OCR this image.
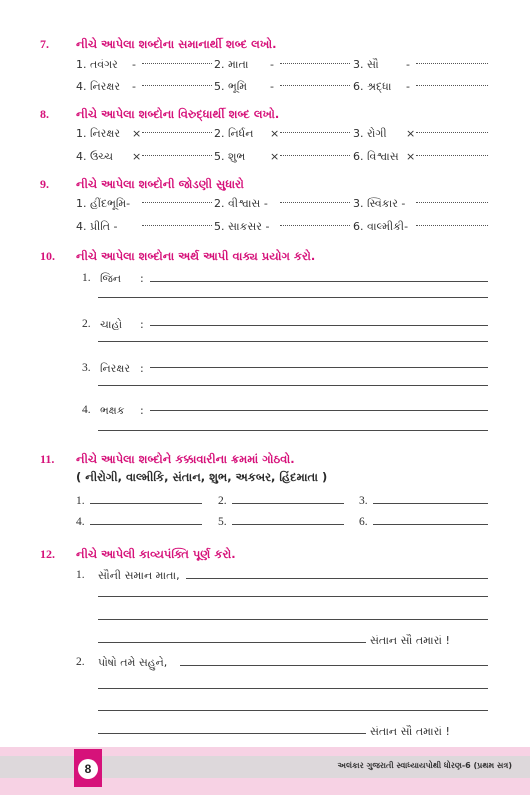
7. નીચે આપેલા શબ્દોના સમાનાર્થી શબ્દ લખો.
1. તવંગર -	2. માતા -	3. સૌ -
4. નિરક્ષર -	5. ભૂમિ -	6. શ્રદ્ધા -
8. નીચે આપેલા શબ્દોના વિરુદ્ધાર્થી શબ્દ લખો.
1. નિરક્ષર ×	2. નિર્ધન ×	3. રોગી ×
4. ઉચ્ચ ×	5. શુભ ×	6. વિશ્વાસ ×
9. નીચે આપેલા શબ્દોની જોડણી સુધારો
1. હીંદભૂમિ-	2. વીશ્વાસ -	3. સ્વિકાર -
4. પ્રીતિ -	5. સાકસર -	6. વાલ્મીકી-
10. નીચે આપેલા શબ્દોના અર્થ આપી વાક્ય પ્રયોગ કરો.
1. જિન :
2. ચાહો :
3. નિરક્ષર :
4. ભક્ષક :
11. નીચે આપેલા શબ્દોને કક્કાવારીના ક્રમમાં ગોઠવો.
( નીરોગી, વાલ્મીકિ, સંતાન, શુભ, અકબર, હિંદમાતા )
1.	2.	3.
4.	5.	6.
12. નીચે આપેલી કાવ્યપંક્તિ પૂર્ણ કરો.
1. સૌની સમાન માતા,
સંતાન સૌ તમારાં !
2. પોષો તમે સહુને,
સંતાન સૌ તમારાં !
8	અલંકાર ગુજરાતી સ્વાધ્યાયપોથી ધોરણ-6 (પ્રથમ સત્ર)
